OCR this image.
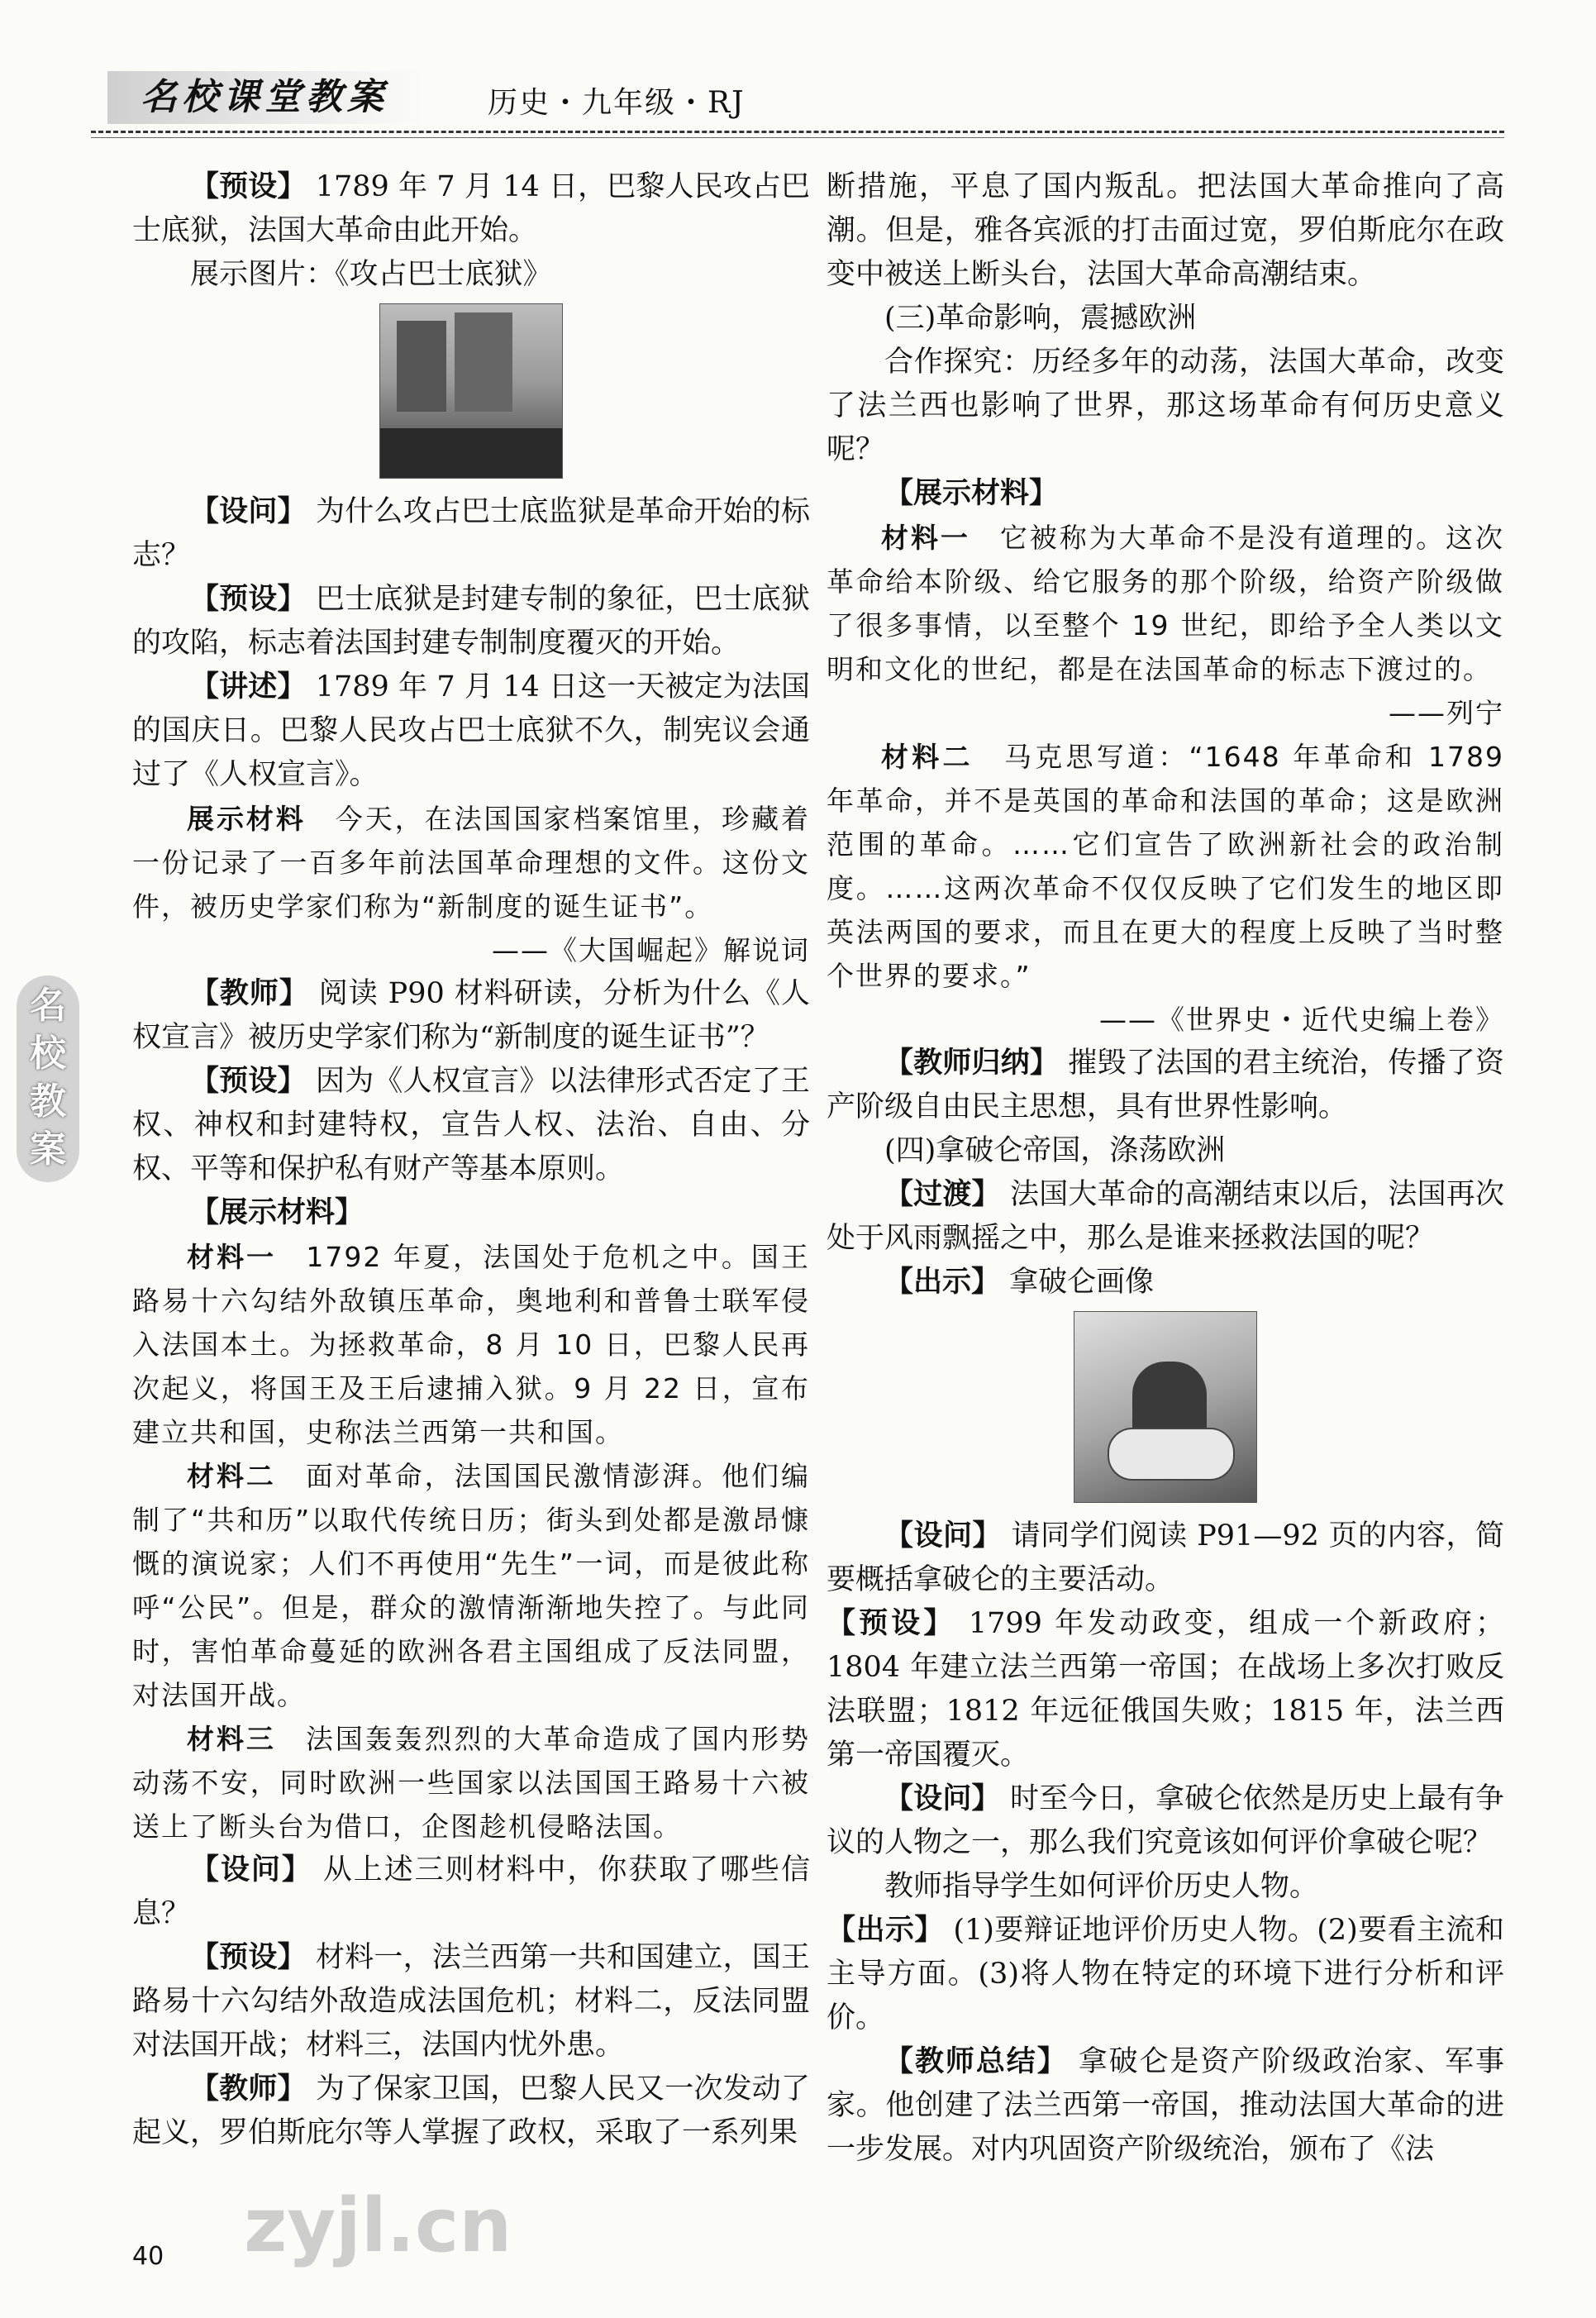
名校课堂教案	历史・九年级・RJ
名
校
教
案

【预设】 1789 年 7 月 14 日，巴黎人民攻占巴士底狱，法国大革命由此开始。

展示图片：《攻占巴士底狱》

【设问】 为什么攻占巴士底监狱是革命开始的标志？

【预设】 巴士底狱是封建专制的象征，巴士底狱的攻陷，标志着法国封建专制制度覆灭的开始。

【讲述】 1789 年 7 月 14 日这一天被定为法国的国庆日。巴黎人民攻占巴士底狱不久，制宪议会通过了《人权宣言》。

展示材料　 今天，在法国国家档案馆里，珍藏着一份记录了一百多年前法国革命理想的文件。这份文件，被历史学家们称为“新制度的诞生证书”。

——《大国崛起》解说词

【教师】 阅读 P90 材料研读，分析为什么《人权宣言》被历史学家们称为“新制度的诞生证书”？

【预设】 因为《人权宣言》以法律形式否定了王权、神权和封建特权，宣告人权、法治、自由、分权、平等和保护私有财产等基本原则。

【展示材料】

材料一　 1792 年夏，法国处于危机之中。国王路易十六勾结外敌镇压革命，奥地利和普鲁士联军侵入法国本土。为拯救革命，8 月 10 日，巴黎人民再次起义，将国王及王后逮捕入狱。9 月 22 日，宣布建立共和国，史称法兰西第一共和国。

材料二　 面对革命，法国国民激情澎湃。他们编制了“共和历”以取代传统日历；街头到处都是激昂慷慨的演说家；人们不再使用“先生”一词，而是彼此称呼“公民”。但是，群众的激情渐渐地失控了。与此同时，害怕革命蔓延的欧洲各君主国组成了反法同盟，对法国开战。

材料三　 法国轰轰烈烈的大革命造成了国内形势动荡不安，同时欧洲一些国家以法国国王路易十六被送上了断头台为借口，企图趁机侵略法国。

【设问】 从上述三则材料中，你获取了哪些信息？

【预设】 材料一，法兰西第一共和国建立，国王路易十六勾结外敌造成法国危机；材料二，反法同盟对法国开战；材料三，法国内忧外患。

【教师】 为了保家卫国，巴黎人民又一次发动了起义，罗伯斯庇尔等人掌握了政权，采取了一系列果

断措施，平息了国内叛乱。把法国大革命推向了高潮。但是，雅各宾派的打击面过宽，罗伯斯庇尔在政变中被送上断头台，法国大革命高潮结束。

(三)革命影响，震撼欧洲

合作探究：历经多年的动荡，法国大革命，改变了法兰西也影响了世界，那这场革命有何历史意义呢？

【展示材料】

材料一　 它被称为大革命不是没有道理的。这次革命给本阶级、给它服务的那个阶级，给资产阶级做了很多事情，以至整个 19 世纪，即给予全人类以文明和文化的世纪，都是在法国革命的标志下渡过的。

——列宁

材料二　 马克思写道：“1648 年革命和 1789 年革命，并不是英国的革命和法国的革命；这是欧洲范围的革命。……它们宣告了欧洲新社会的政治制度。……这两次革命不仅仅反映了它们发生的地区即英法两国的要求，而且在更大的程度上反映了当时整个世界的要求。”

——《世界史・近代史编上卷》

【教师归纳】 摧毁了法国的君主统治，传播了资产阶级自由民主思想，具有世界性影响。

(四)拿破仑帝国，涤荡欧洲

【过渡】 法国大革命的高潮结束以后，法国再次处于风雨飘摇之中，那么是谁来拯救法国的呢？

【出示】 拿破仑画像

【设问】 请同学们阅读 P91—92 页的内容，简要概括拿破仑的主要活动。

【预设】 1799 年发动政变，组成一个新政府；1804 年建立法兰西第一帝国；在战场上多次打败反法联盟；1812 年远征俄国失败；1815 年，法兰西第一帝国覆灭。

【设问】 时至今日，拿破仑依然是历史上最有争议的人物之一，那么我们究竟该如何评价拿破仑呢？

教师指导学生如何评价历史人物。

【出示】 (1)要辩证地评价历史人物。(2)要看主流和主导方面。(3)将人物在特定的环境下进行分析和评价。

【教师总结】 拿破仑是资产阶级政治家、军事家。他创建了法兰西第一帝国，推动法国大革命的进一步发展。对内巩固资产阶级统治，颁布了《法

40 zyjl.cn
